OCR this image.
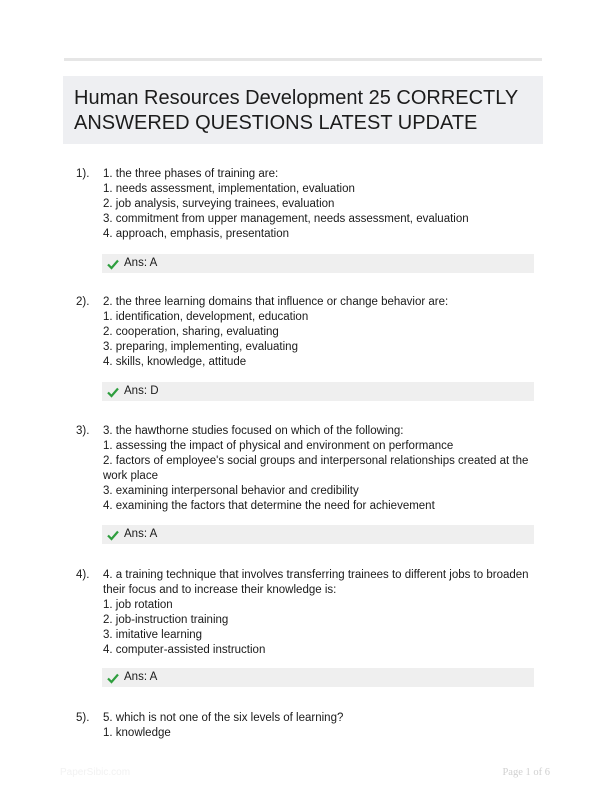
Human Resources Development 25 CORRECTLY ANSWERED QUESTIONS LATEST UPDATE
1). 1. the three phases of training are:
1. needs assessment, implementation, evaluation
2. job analysis, surveying trainees, evaluation
3. commitment from upper management, needs assessment, evaluation
4. approach, emphasis, presentation
Ans: A
2). 2. the three learning domains that influence or change behavior are:
1. identification, development, education
2. cooperation, sharing, evaluating
3. preparing, implementing, evaluating
4. skills, knowledge, attitude
Ans: D
3). 3. the hawthorne studies focused on which of the following:
1. assessing the impact of physical and environment on performance
2. factors of employee's social groups and interpersonal relationships created at the work place
3. examining interpersonal behavior and credibility
4. examining the factors that determine the need for achievement
Ans: A
4). 4. a training technique that involves transferring trainees to different jobs to broaden their focus and to increase their knowledge is:
1. job rotation
2. job-instruction training
3. imitative learning
4. computer-assisted instruction
Ans: A
5). 5. which is not one of the six levels of learning?
1. knowledge
PaperSibic.com	Page 1 of 6
